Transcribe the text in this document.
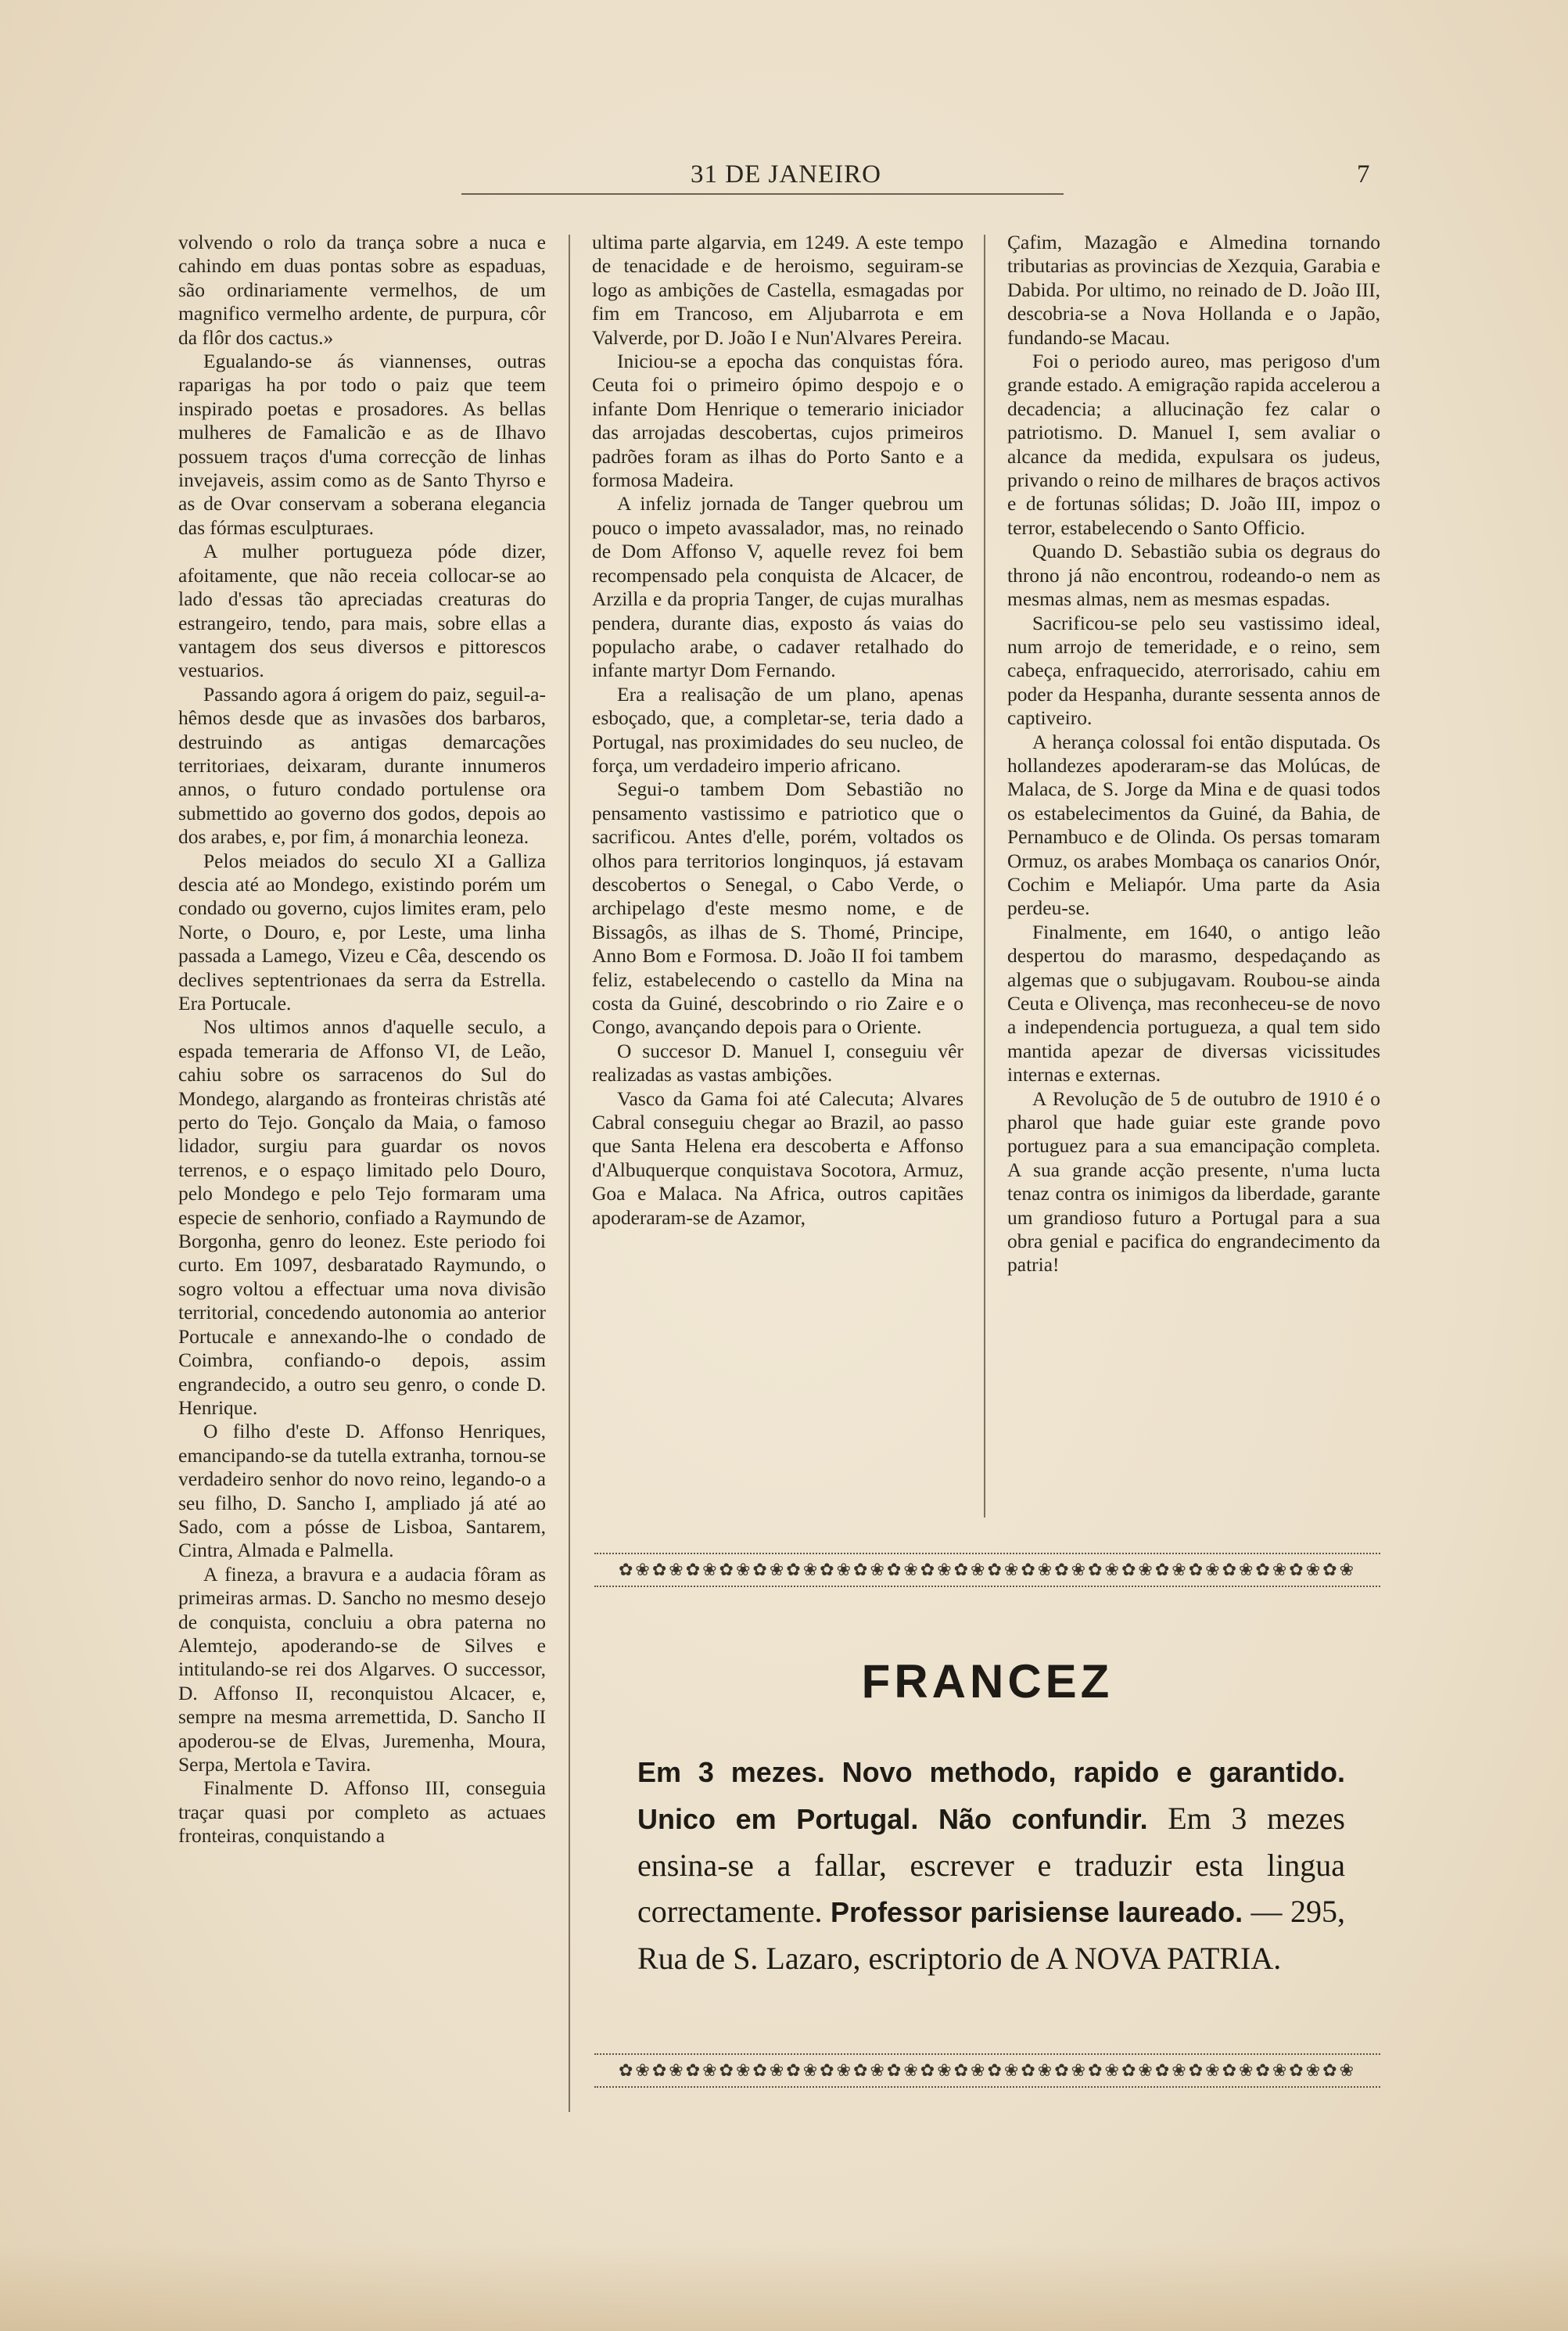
31 DE JANEIRO	7

volvendo o rolo da trança sobre a nuca e cahindo em duas pontas sobre as espaduas, são ordinariamente vermelhos, de um magnifico vermelho ardente, de purpura, côr da flôr dos cactus.»

Egualando-se ás viannenses, outras raparigas ha por todo o paiz que teem inspirado poetas e prosadores. As bellas mulheres de Famalicão e as de Ilhavo possuem traços d'uma correcção de linhas invejaveis, assim como as de Santo Thyrso e as de Ovar conservam a soberana elegancia das fórmas esculpturaes.

A mulher portugueza póde dizer, afoitamente, que não receia collocar-se ao lado d'essas tão apreciadas creaturas do estrangeiro, tendo, para mais, sobre ellas a vantagem dos seus diversos e pittorescos vestuarios.

Passando agora á origem do paiz, seguil-a-hêmos desde que as invasões dos barbaros, destruindo as antigas demarcações territoriaes, deixaram, durante innumeros annos, o futuro condado portulense ora submettido ao governo dos godos, depois ao dos arabes, e, por fim, á monarchia leoneza.

Pelos meiados do seculo XI a Galliza descia até ao Mondego, existindo porém um condado ou governo, cujos limites eram, pelo Norte, o Douro, e, por Leste, uma linha passada a Lamego, Vizeu e Cêa, descendo os declives septentrionaes da serra da Estrella. Era Portucale.

Nos ultimos annos d'aquelle seculo, a espada temeraria de Affonso VI, de Leão, cahiu sobre os sarracenos do Sul do Mondego, alargando as fronteiras christãs até perto do Tejo. Gonçalo da Maia, o famoso lidador, surgiu para guardar os novos terrenos, e o espaço limitado pelo Douro, pelo Mondego e pelo Tejo formaram uma especie de senhorio, confiado a Raymundo de Borgonha, genro do leonez. Este periodo foi curto. Em 1097, desbaratado Raymundo, o sogro voltou a effectuar uma nova divisão territorial, concedendo autonomia ao anterior Portucale e annexando-lhe o condado de Coimbra, confiando-o depois, assim engrandecido, a outro seu genro, o conde D. Henrique.

O filho d'este D. Affonso Henriques, emancipando-se da tutella extranha, tornou-se verdadeiro senhor do novo reino, legando-o a seu filho, D. Sancho I, ampliado já até ao Sado, com a pósse de Lisboa, Santarem, Cintra, Almada e Palmella.

A fineza, a bravura e a audacia fôram as primeiras armas. D. Sancho no mesmo desejo de conquista, concluiu a obra paterna no Alemtejo, apoderando-se de Silves e intitulando-se rei dos Algarves. O successor, D. Affonso II, reconquistou Alcacer, e, sempre na mesma arremettida, D. Sancho II apoderou-se de Elvas, Juremenha, Moura, Serpa, Mertola e Tavira.

Finalmente D. Affonso III, conseguia traçar quasi por completo as actuaes fronteiras, conquistando a

ultima parte algarvia, em 1249. A este tempo de tenacidade e de heroismo, seguiram-se logo as ambições de Castella, esmagadas por fim em Trancoso, em Aljubarrota e em Valverde, por D. João I e Nun'Alvares Pereira.

Iniciou-se a epocha das conquistas fóra. Ceuta foi o primeiro ópimo despojo e o infante Dom Henrique o temerario iniciador das arrojadas descobertas, cujos primeiros padrões foram as ilhas do Porto Santo e a formosa Madeira.

A infeliz jornada de Tanger quebrou um pouco o impeto avassalador, mas, no reinado de Dom Affonso V, aquelle revez foi bem recompensado pela conquista de Alcacer, de Arzilla e da propria Tanger, de cujas muralhas pendera, durante dias, exposto ás vaias do populacho arabe, o cadaver retalhado do infante martyr Dom Fernando.

Era a realisação de um plano, apenas esboçado, que, a completar-se, teria dado a Portugal, nas proximidades do seu nucleo, de força, um verdadeiro imperio africano.

Segui-o tambem Dom Sebastião no pensamento vastissimo e patriotico que o sacrificou. Antes d'elle, porém, voltados os olhos para territorios longinquos, já estavam descobertos o Senegal, o Cabo Verde, o archipelago d'este mesmo nome, e de Bissagôs, as ilhas de S. Thomé, Principe, Anno Bom e Formosa. D. João II foi tambem feliz, estabelecendo o castello da Mina na costa da Guiné, descobrindo o rio Zaire e o Congo, avançando depois para o Oriente.

O succesor D. Manuel I, conseguiu vêr realizadas as vastas ambições.

Vasco da Gama foi até Calecuta; Alvares Cabral conseguiu chegar ao Brazil, ao passo que Santa Helena era descoberta e Affonso d'Albuquerque conquistava Socotora, Armuz, Goa e Malaca. Na Africa, outros capitães apoderaram-se de Azamor,

Çafim, Mazagão e Almedina tornando tributarias as provincias de Xezquia, Garabia e Dabida. Por ultimo, no reinado de D. João III, descobria-se a Nova Hollanda e o Japão, fundando-se Macau.

Foi o periodo aureo, mas perigoso d'um grande estado. A emigração rapida accelerou a decadencia; a allucinação fez calar o patriotismo. D. Manuel I, sem avaliar o alcance da medida, expulsara os judeus, privando o reino de milhares de braços activos e de fortunas sólidas; D. João III, impoz o terror, estabelecendo o Santo Officio.

Quando D. Sebastião subia os degraus do throno já não encontrou, rodeando-o nem as mesmas almas, nem as mesmas espadas.

Sacrificou-se pelo seu vastissimo ideal, num arrojo de temeridade, e o reino, sem cabeça, enfraquecido, aterrorisado, cahiu em poder da Hespanha, durante sessenta annos de captiveiro.

A herança colossal foi então disputada. Os hollandezes apoderaram-se das Molúcas, de Malaca, de S. Jorge da Mina e de quasi todos os estabelecimentos da Guiné, da Bahia, de Pernambuco e de Olinda. Os persas tomaram Ormuz, os arabes Mombaça os canarios Onór, Cochim e Meliapór. Uma parte da Asia perdeu-se.

Finalmente, em 1640, o antigo leão despertou do marasmo, despedaçando as algemas que o subjugavam. Roubou-se ainda Ceuta e Olivença, mas reconheceu-se de novo a independencia portugueza, a qual tem sido mantida apezar de diversas vicissitudes internas e externas.

A Revolução de 5 de outubro de 1910 é o pharol que hade guiar este grande povo portuguez para a sua emancipação completa. A sua grande acção presente, n'uma lucta tenaz contra os inimigos da liberdade, garante um grandioso futuro a Portugal para a sua obra genial e pacifica do engrandecimento da patria!

✿❀✿❀✿❀✿❀✿❀✿❀✿❀✿❀✿❀✿❀✿❀✿❀✿❀✿❀✿❀✿❀✿❀✿❀✿❀✿❀✿❀✿❀
FRANCEZ
Em 3 mezes. Novo methodo, rapido e garantido. Unico em Portugal. Não confundir. Em 3 mezes ensina-se a fallar, escrever e traduzir esta lingua correctamente. Professor parisiense laureado. — 295, Rua de S. Lazaro, escriptorio de A NOVA PATRIA.
✿❀✿❀✿❀✿❀✿❀✿❀✿❀✿❀✿❀✿❀✿❀✿❀✿❀✿❀✿❀✿❀✿❀✿❀✿❀✿❀✿❀✿❀
